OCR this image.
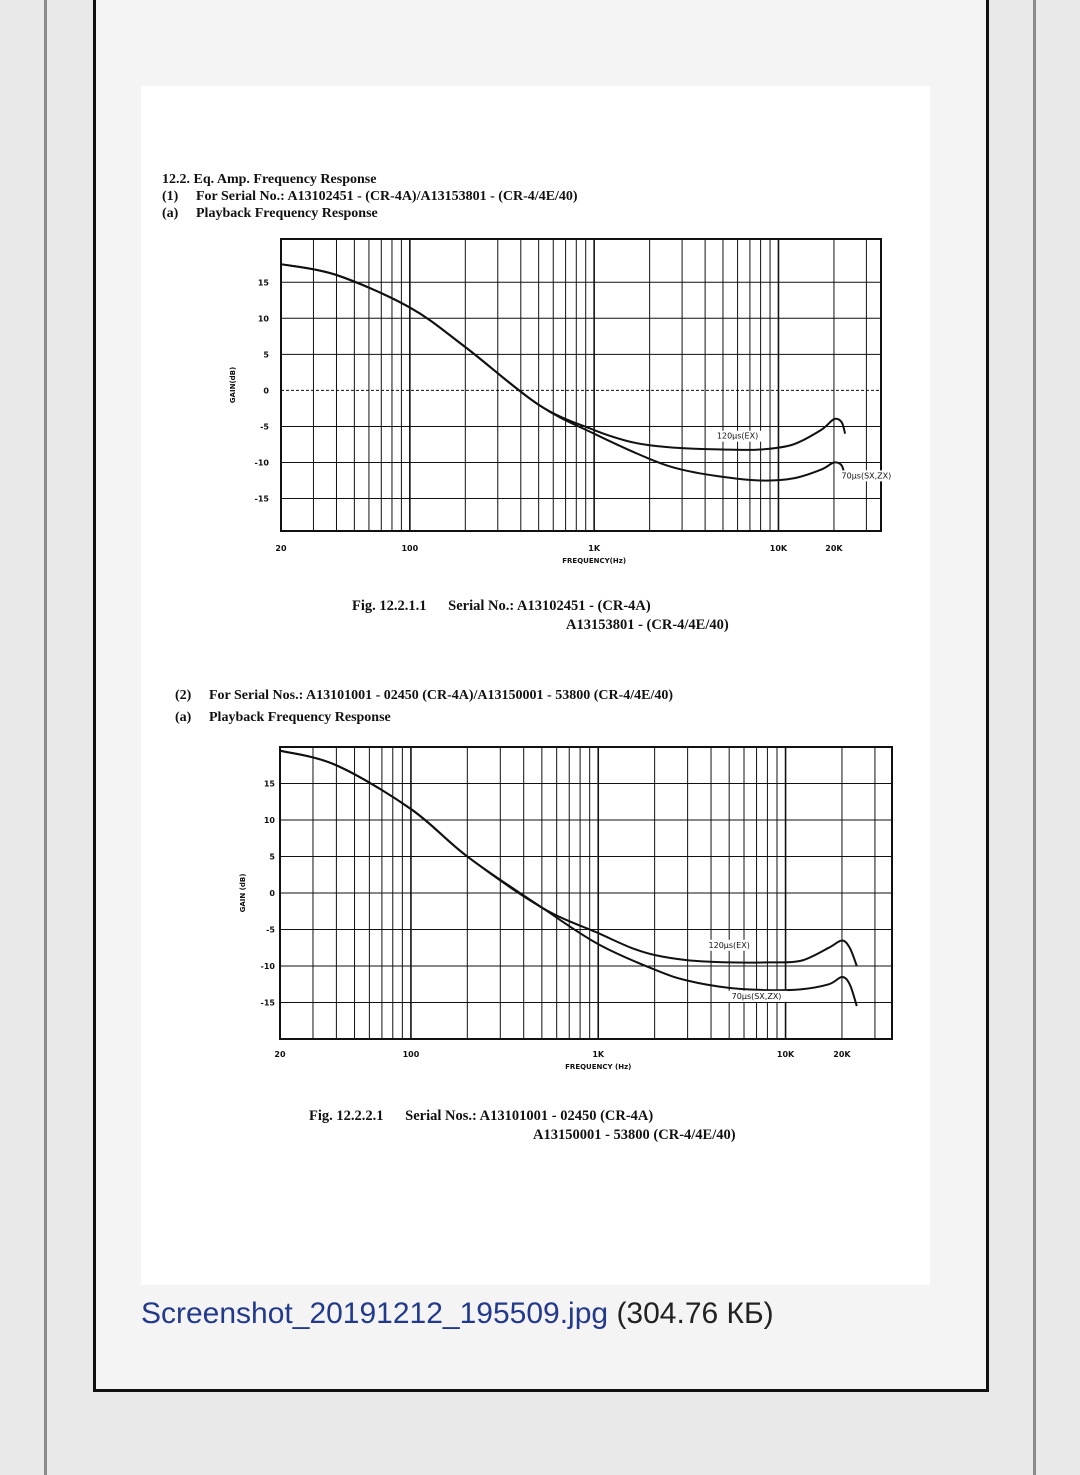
12.2. Eq. Amp. Frequency Response
(1) For Serial No.: A13102451 - (CR-4A)/A13153801 - (CR-4/4E/40)
(a) Playback Frequency Response
15
10
5
0
-5
-10
-15
20	100	1K	10K	20K
FREQUENCY(Hz)
GAIN(dB)
120µs(EX)
70µs(SX,ZX)
Fig. 12.2.1.1 Serial No.: A13102451 - (CR-4A)
A13153801 - (CR-4/4E/40)
(2) For Serial Nos.: A13101001 - 02450 (CR-4A)/A13150001 - 53800 (CR-4/4E/40)
(a) Playback Frequency Response
15
10
5
0
-5
-10
-15
20	100	1K	10K	20K
FREQUENCY (Hz)
GAIN (dB)
120µs(EX)
70µs(SX,ZX)
Fig. 12.2.2.1 Serial Nos.: A13101001 - 02450 (CR-4A)
A13150001 - 53800 (CR-4/4E/40)
Screenshot_20191212_195509.jpg (304.76 КБ)
